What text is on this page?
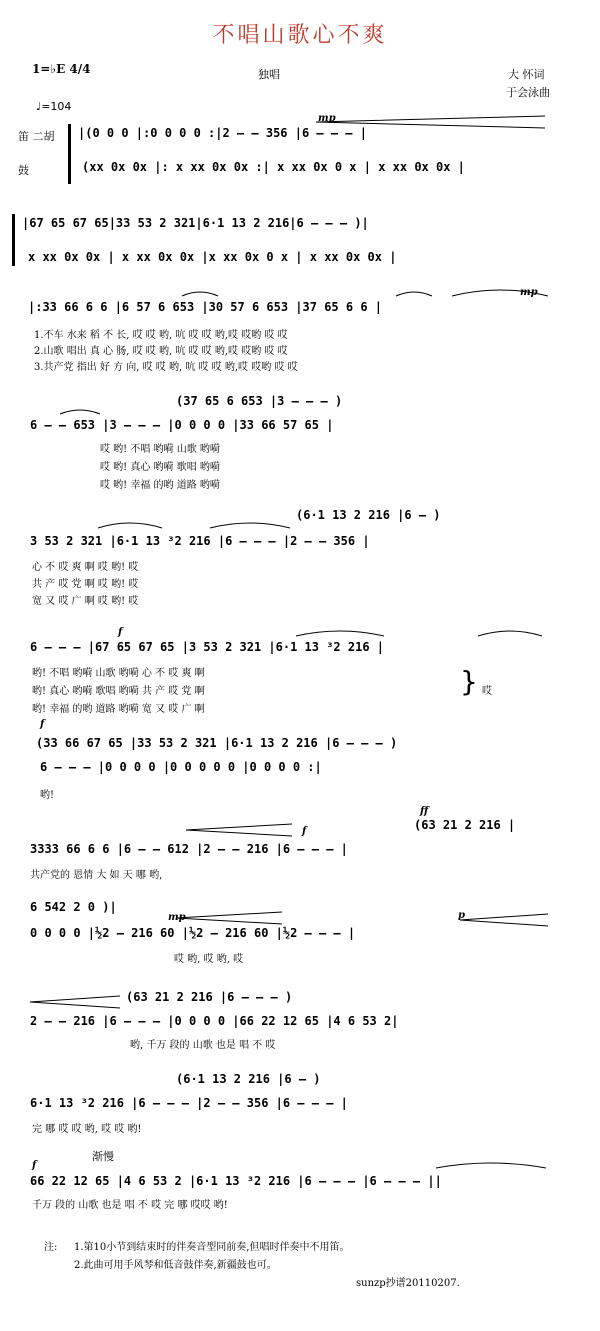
不唱山歌心不爽
1=♭E 4/4	独唱	大 怀词
于会泳曲
♩=104
笛 二胡
鼓
|(0 0 0 |:0 0 0 0 :|2 – – 356 |6 – – – |
(xx 0x 0x |: x xx 0x 0x :| x xx 0x 0 x | x xx 0x 0x |
mp
|67 65 67 65|33 53 2 321|6·1 13 2 216|6 – – – )|
x xx 0x 0x | x xx 0x 0x |x xx 0x 0 x | x xx 0x 0x |
|:33 66 6 6 |6 57 6 653 |30 57 6 653 |37 65 6 6 |
mp
1.不车 水来 稻 不 长, 哎 哎 哟, 吭 哎 哎 哟,哎 哎哟 哎 哎
2.山歌 唱出 真 心 肠, 哎 哎 哟, 吭 哎 哎 哟,哎 哎哟 哎 哎
3.共产党 指出 好 方 向, 哎 哎 哟, 吭 哎 哎 哟,哎 哎哟 哎 哎
(37 65 6 653 |3 – – – )
6 – – 653 |3 – – – |0 0 0 0 |33 66 57 65 |
哎 哟! 不唱 哟嗬 山歌 哟嗬
哎 哟! 真心 哟嗬 歌唱 哟嗬
哎 哟! 幸福 的哟 道路 哟嗬
(6·1 13 2 216 |6 – )
3 53 2 321 |6·1 13 ³2 216 |6 – – – |2 – – 356 |
心 不 哎 爽 啊 哎 哟! 哎
共 产 哎 党 啊 哎 哟! 哎
宽 又 哎 广 啊 哎 哟! 哎
f
6 – – – |67 65 67 65 |3 53 2 321 |6·1 13 ³2 216 |
哟! 不唱 哟嗬 山歌 哟嗬 心 不 哎 爽 啊
哟! 真心 哟嗬 歌唱 哟嗬 共 产 哎 党 啊
哟! 幸福 的哟 道路 哟嗬 宽 又 哎 广 啊
} 哎
f
(33 66 67 65 |33 53 2 321 |6·1 13 2 216 |6 – – – )
6 – – – |0 0 0 0 |0 0 0 0 0 |0 0 0 0 :|
哟!
ff
(63 21 2 216 |
f
3333 66 6 6 |6 – – 612 |2 – – 216 |6 – – – |
共产党的 恩情 大 如 天 哪 哟,
6 542 2 0 )|
mp	p
0 0 0 0 |½2 – 216 60 |½2 – 216 60 |½2 – – – |
哎 哟, 哎 哟, 哎
(63 21 2 216 |6 – – – )
2 – – 216 |6 – – – |0 0 0 0 |66 22 12 65 |4 6 53 2|
哟, 千万 段的 山歌 也是 唱 不 哎
(6·1 13 2 216 |6 – )
6·1 13 ³2 216 |6 – – – |2 – – 356 |6 – – – |
完 哪 哎 哎 哟, 哎 哎 哟!
渐慢
f
66 22 12 65 |4 6 53 2 |6·1 13 ³2 216 |6 – – – |6 – – – ||
千万 段的 山歌 也是 唱 不 哎 完 哪 哎哎 哟!
注: 1.第10小节到结束时的伴奏音型同前奏,但唱时伴奏中不用笛。
2.此曲可用手风琴和低音鼓伴奏,新疆鼓也可。
sunzp抄谱20110207.
